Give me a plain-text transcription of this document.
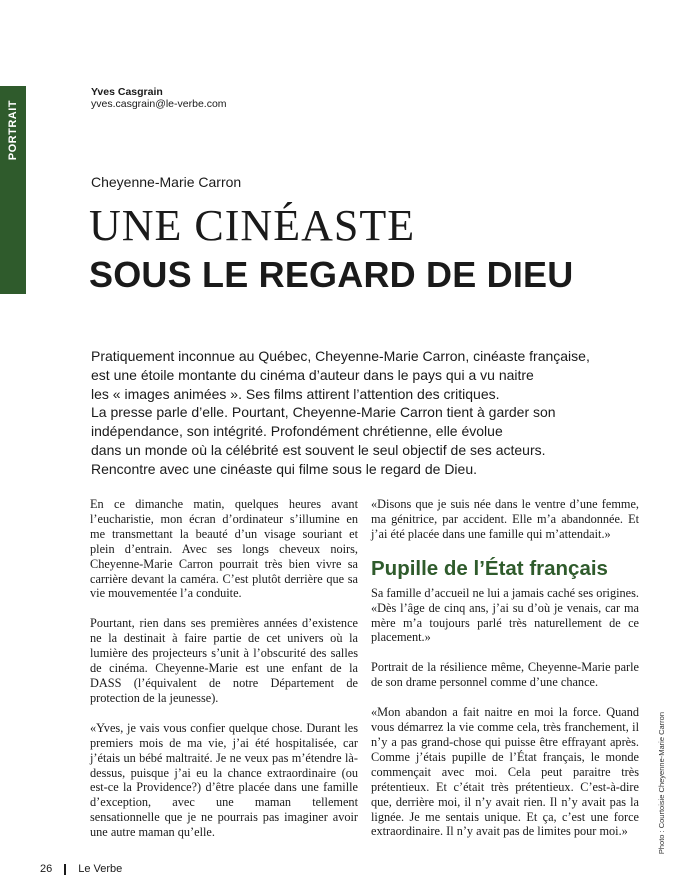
PORTRAIT
Yves Casgrain
yves.casgrain@le-verbe.com
Cheyenne-Marie Carron
UNE CINÉASTE
SOUS LE REGARD DE DIEU
Pratiquement inconnue au Québec, Cheyenne-Marie Carron, cinéaste française,
est une étoile montante du cinéma d’auteur dans le pays qui a vu naitre
les « images animées ». Ses films attirent l’attention des critiques.
La presse parle d’elle. Pourtant, Cheyenne-Marie Carron tient à garder son
indépendance, son intégrité. Profondément chrétienne, elle évolue
dans un monde où la célébrité est souvent le seul objectif de ses acteurs.
Rencontre avec une cinéaste qui filme sous le regard de Dieu.

En ce dimanche matin, quelques heures avant l’eucharistie, mon écran d’ordinateur s’illumine en me transmettant la beauté d’un visage souriant et plein d’entrain. Avec ses longs cheveux noirs, Cheyenne-Marie Carron pourrait très bien vivre sa carrière devant la caméra. C’est plutôt derrière que sa vie mouvementée l’a conduite.

Pourtant, rien dans ses premières années d’existence ne la destinait à faire partie de cet univers où la lumière des projecteurs s’unit à l’obscurité des salles de cinéma. Cheyenne-Marie est une enfant de la DASS (l’équivalent de notre Département de protection de la jeunesse).

«Yves, je vais vous confier quelque chose. Durant les premiers mois de ma vie, j’ai été hospitalisée, car j’étais un bébé maltraité. Je ne veux pas m’étendre là-dessus, puisque j’ai eu la chance extraordinaire (ou est-ce la Providence?) d’être placée dans une famille d’exception, avec une maman tellement sensationnelle que je ne pourrais pas imaginer avoir une autre maman qu’elle.

«Disons que je suis née dans le ventre d’une femme, ma génitrice, par accident. Elle m’a abandonnée. Et j’ai été placée dans une famille qui m’attendait.»

Pupille de l’État français

Sa famille d’accueil ne lui a jamais caché ses origines. «Dès l’âge de cinq ans, j’ai su d’où je venais, car ma mère m’a toujours parlé très naturellement de ce placement.»

Portrait de la résilience même, Cheyenne-Marie parle de son drame personnel comme d’une chance.

«Mon abandon a fait naitre en moi la force. Quand vous démarrez la vie comme cela, très franchement, il n’y a pas grand-chose qui puisse être effrayant après. Comme j’étais pupille de l’État français, le monde commençait avec moi. Cela peut paraitre très prétentieux. Et c’était très prétentieux. C’est-à-dire que, derrière moi, il n’y avait rien. Il n’y avait pas la lignée. Je me sentais unique. Et ça, c’est une force extraordinaire. Il n’y avait pas de limites pour moi.»	Photo : Courtoisie Cheyenne-Marie Carron
26 Le Verbe
